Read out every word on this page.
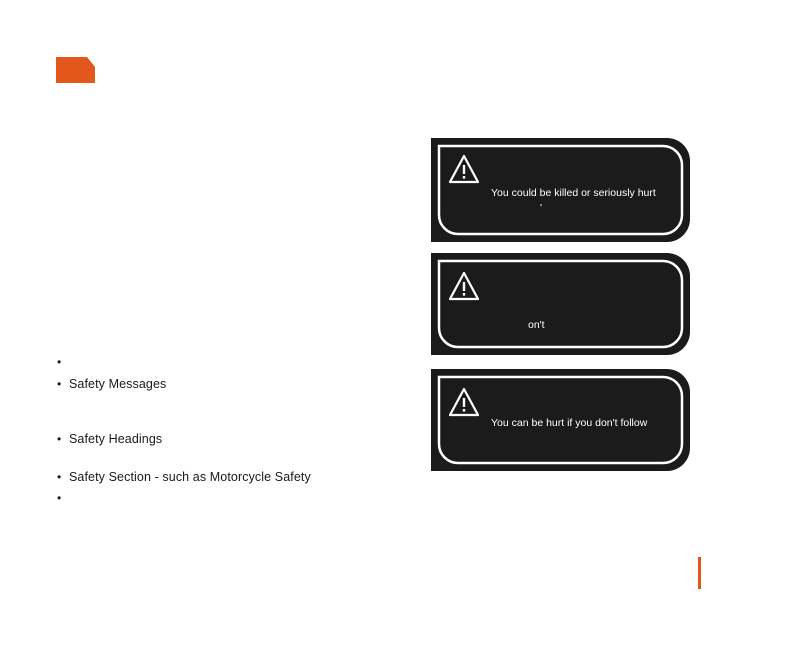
•
• Safety Messages
• Safety Headings
• Safety Section - such as Motorcycle Safety
•
You could be killed or seriously hurt
'
on't
You can be hurt if you don't follow
